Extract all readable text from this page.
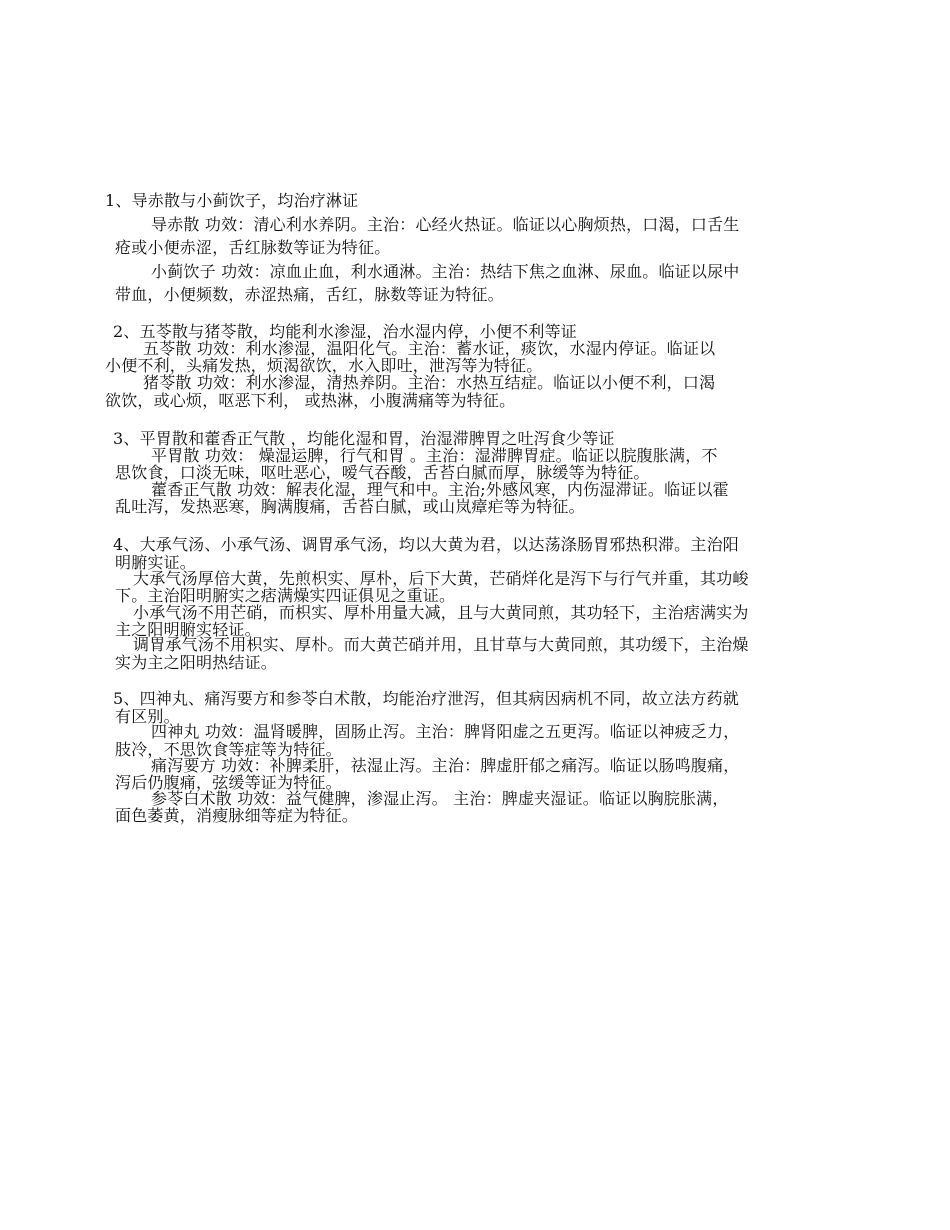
1、导赤散与小蓟饮子，均治疗淋证
导赤散 功效：清心利水养阴。主治：心经火热证。临证以心胸烦热，口渴，口舌生
疮或小便赤涩，舌红脉数等证为特征。
小蓟饮子 功效：凉血止血，利水通淋。主治：热结下焦之血淋、尿血。临证以尿中
带血，小便频数，赤涩热痛，舌红，脉数等证为特征。
2、五苓散与猪苓散，均能利水渗湿，治水湿内停，小便不利等证
五苓散 功效：利水渗湿，温阳化气。主治：蓄水证，痰饮，水湿内停证。临证以
小便不利，头痛发热，烦渴欲饮，水入即吐，泄泻等为特征。
猪苓散 功效：利水渗湿，清热养阴。主治：水热互结症。临证以小便不利，口渴
欲饮，或心烦，呕恶下利， 或热淋，小腹满痛等为特征。
3、平胃散和藿香正气散 ，均能化湿和胃，治湿滞脾胃之吐泻食少等证
平胃散 功效： 燥湿运脾，行气和胃 。主治：湿滞脾胃症。临证以脘腹胀满，不
思饮食，口淡无味，呕吐恶心，嗳气吞酸，舌苔白腻而厚，脉缓等为特征。
藿香正气散 功效：解表化湿，理气和中。主治;外感风寒，内伤湿滞证。临证以霍
乱吐泻，发热恶寒，胸满腹痛，舌苔白腻，或山岚瘴疟等为特征。
4、大承气汤、小承气汤、调胃承气汤，均以大黄为君，以达荡涤肠胃邪热积滞。主治阳
明腑实证。
大承气汤厚倍大黄，先煎枳实、厚朴，后下大黄，芒硝烊化是泻下与行气并重，其功峻
下。主治阳明腑实之痞满燥实四证俱见之重证。
小承气汤不用芒硝，而枳实、厚朴用量大减，且与大黄同煎，其功轻下，主治痞满实为
主之阳明腑实轻证。
调胃承气汤不用枳实、厚朴。而大黄芒硝并用，且甘草与大黄同煎，其功缓下，主治燥
实为主之阳明热结证。
5、四神丸、痛泻要方和参苓白术散，均能治疗泄泻，但其病因病机不同，故立法方药就
有区别。
四神丸 功效：温肾暖脾，固肠止泻。主治：脾肾阳虚之五更泻。临证以神疲乏力，
肢冷，不思饮食等症等为特征。
痛泻要方 功效：补脾柔肝，祛湿止泻。主治：脾虚肝郁之痛泻。临证以肠鸣腹痛，
泻后仍腹痛，弦缓等证为特征。
参苓白术散 功效：益气健脾，渗湿止泻。 主治：脾虚夹湿证。临证以胸脘胀满，
面色萎黄，消瘦脉细等症为特征。
